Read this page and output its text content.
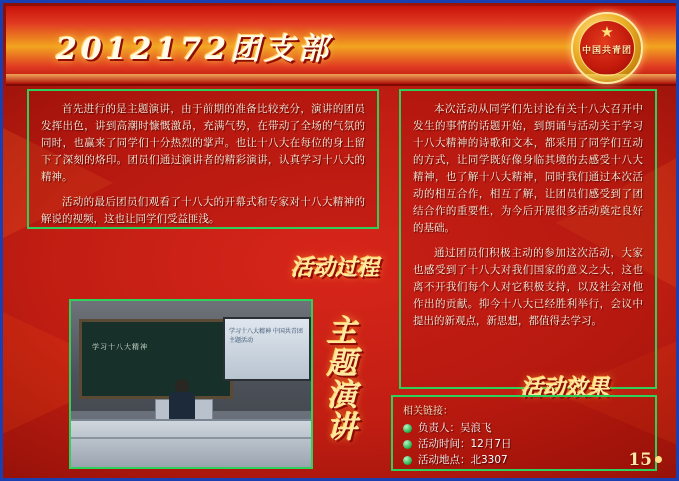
2012172团支部	★
中国共青团

首先进行的是主题演讲，由于前期的准备比较充分，演讲的团员发挥出色，讲到高潮时慷慨激昂，充满气势，在带动了全场的气氛的同时，也赢来了同学们十分热烈的掌声。也让十八大在每位的身上留下了深刻的烙印。团员们通过演讲者的精彩演讲，认真学习十八大的精神。

活动的最后团员们观看了十八大的开幕式和专家对十八大精神的解说的视频，这也让同学们受益匪浅。

本次活动从同学们先讨论有关十八大召开中发生的事情的话题开始，到朗诵与活动关于学习十八大精神的诗歌和文本，都采用了同学们互动的方式，让同学既好像身临其境的去感受十八大精神，也了解十八大精神，同时我们通过本次活动的相互合作，相互了解，让团员们感受到了团结合作的重要性，为今后开展很多活动奠定良好的基础。

通过团员们积极主动的参加这次活动，大家也感受到了十八大对我们国家的意义之大，这也离不开我们每个人对它积极支持，以及社会对他作出的贡献。抑今十八大已经胜利举行，会议中提出的新观点，新思想，都值得去学习。

学习十八大精神
学习十八大精神 中国共青团主题活动
活动过程
活动效果
主题演讲	相关链接：
负责人：吴浪飞
活动时间：12月7日
活动地点：北3307	15
